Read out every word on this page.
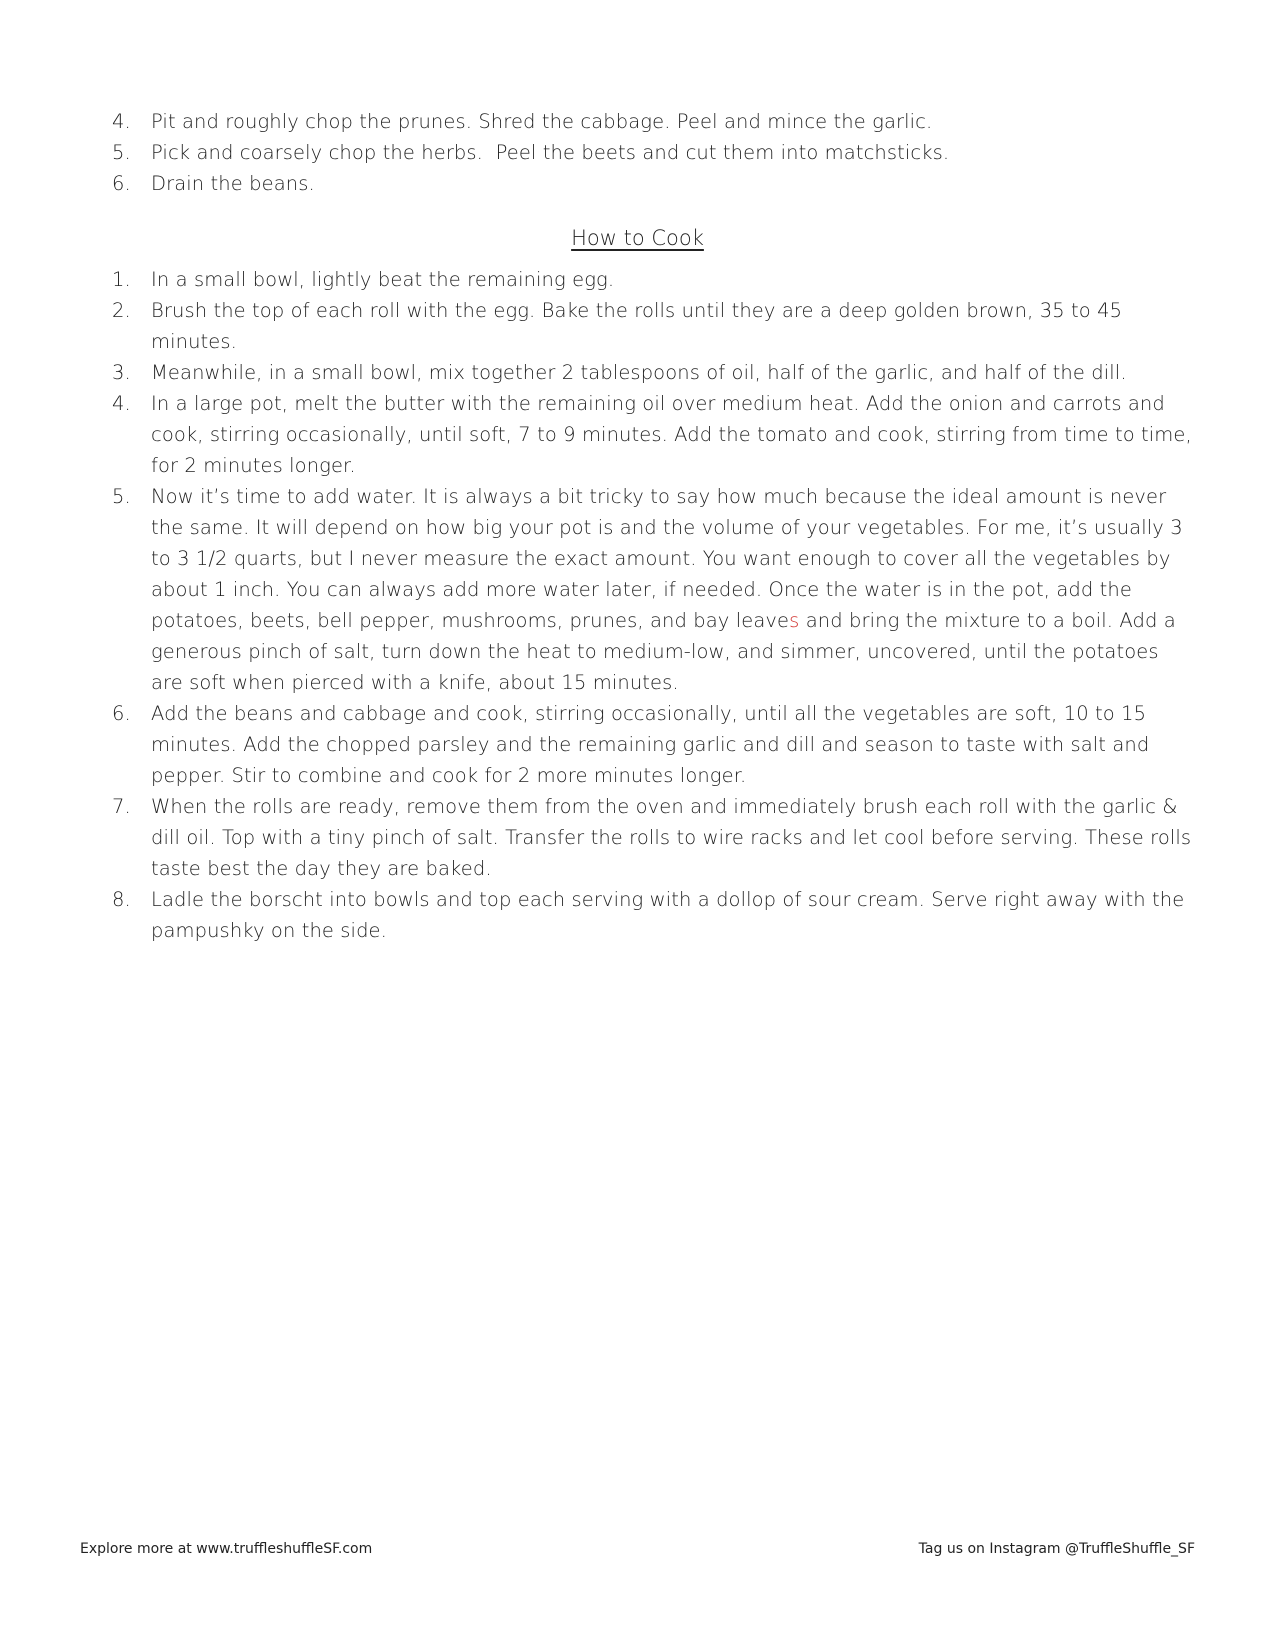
4.	Pit and roughly chop the prunes. Shred the cabbage. Peel and mince the garlic.
5.	Pick and coarsely chop the herbs.  Peel the beets and cut them into matchsticks.
6.	Drain the beans.
How to Cook
1.	In a small bowl, lightly beat the remaining egg.
2.	Brush the top of each roll with the egg. Bake the rolls until they are a deep golden brown, 35 to 45 minutes.
3.	Meanwhile, in a small bowl, mix together 2 tablespoons of oil, half of the garlic, and half of the dill.
4.	In a large pot, melt the butter with the remaining oil over medium heat. Add the onion and carrots and cook, stirring occasionally, until soft, 7 to 9 minutes. Add the tomato and cook, stirring from time to time, for 2 minutes longer.
5.	Now it’s time to add water. It is always a bit tricky to say how much because the ideal amount is never the same. It will depend on how big your pot is and the volume of your vegetables. For me, it’s usually 3 to 3 1/2 quarts, but I never measure the exact amount. You want enough to cover all the vegetables by about 1 inch. You can always add more water later, if needed. Once the water is in the pot, add the potatoes, beets, bell pepper, mushrooms, prunes, and bay leaves and bring the mixture to a boil. Add a generous pinch of salt, turn down the heat to medium-low, and simmer, uncovered, until the potatoes are soft when pierced with a knife, about 15 minutes.
6.	Add the beans and cabbage and cook, stirring occasionally, until all the vegetables are soft, 10 to 15 minutes. Add the chopped parsley and the remaining garlic and dill and season to taste with salt and pepper. Stir to combine and cook for 2 more minutes longer.
7.	When the rolls are ready, remove them from the oven and immediately brush each roll with the garlic & dill oil. Top with a tiny pinch of salt. Transfer the rolls to wire racks and let cool before serving. These rolls taste best the day they are baked.
8.	Ladle the borscht into bowls and top each serving with a dollop of sour cream. Serve right away with the pampushky on the side.
Explore more at www.truffleshuffleSF.com	Tag us on Instagram @TruffleShuffle_SF
